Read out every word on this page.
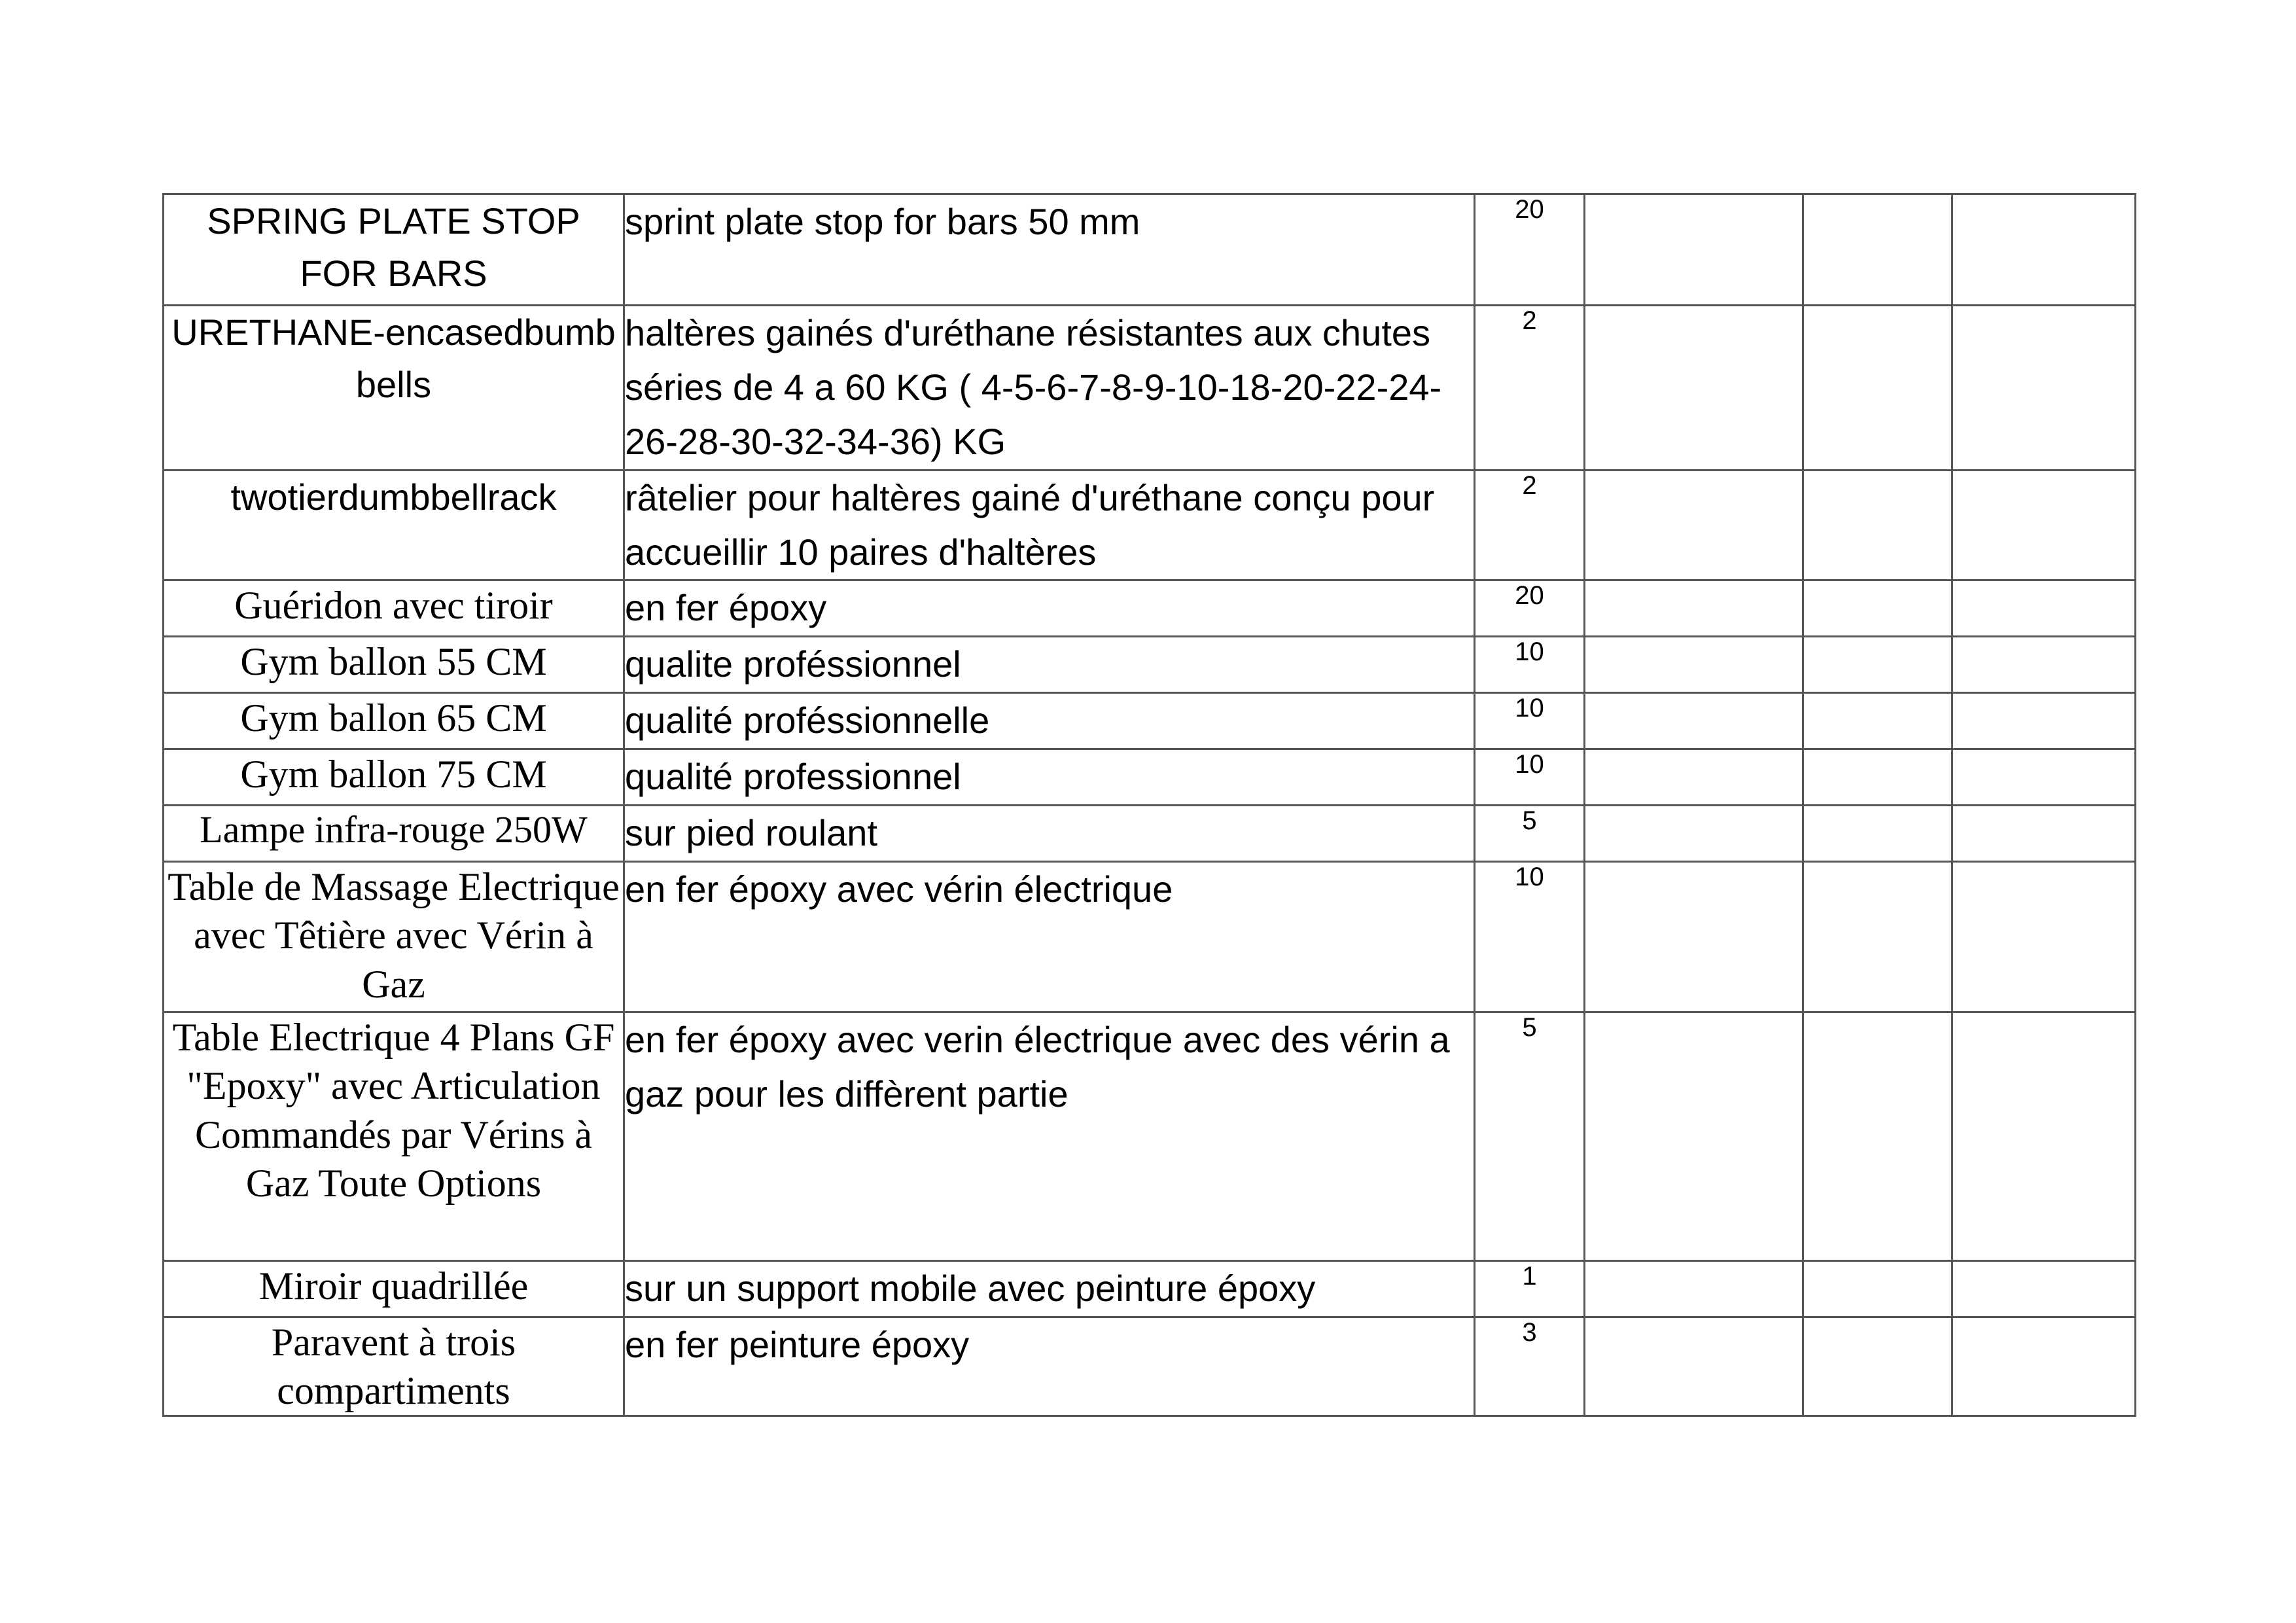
SPRING PLATE STOP FOR BARS	sprint plate stop for bars 50 mm	20			
URETHANE-encasedbumbbells	haltères gainés d'uréthane résistantes aux chutes séries de 4 a 60 KG ( 4-5-6-7-8-9-10-18-20-22-24-26-28-30-32-34-36) KG	2			
twotierdumbbellrack	râtelier pour haltères gainé d'uréthane conçu pour accueillir 10 paires d'haltères	2			
Guéridon avec tiroir	en fer époxy	20			
Gym ballon 55 CM	qualite proféssionnel	10			
Gym ballon 65 CM	qualité proféssionnelle	10			
Gym ballon 75 CM	qualité professionnel	10			
Lampe infra-rouge 250W	sur pied roulant	5			
Table de Massage Electrique avec Têtière avec Vérin à Gaz	en fer époxy avec vérin électrique	10			
Table Electrique 4 Plans GF "Epoxy" avec Articulation Commandés par Vérins à Gaz Toute Options	en fer époxy avec verin électrique avec des vérin a gaz pour les diffèrent partie	5			
Miroir quadrillée	sur un support mobile avec peinture époxy	1			
Paravent à trois compartiments	en fer peinture époxy	3			
